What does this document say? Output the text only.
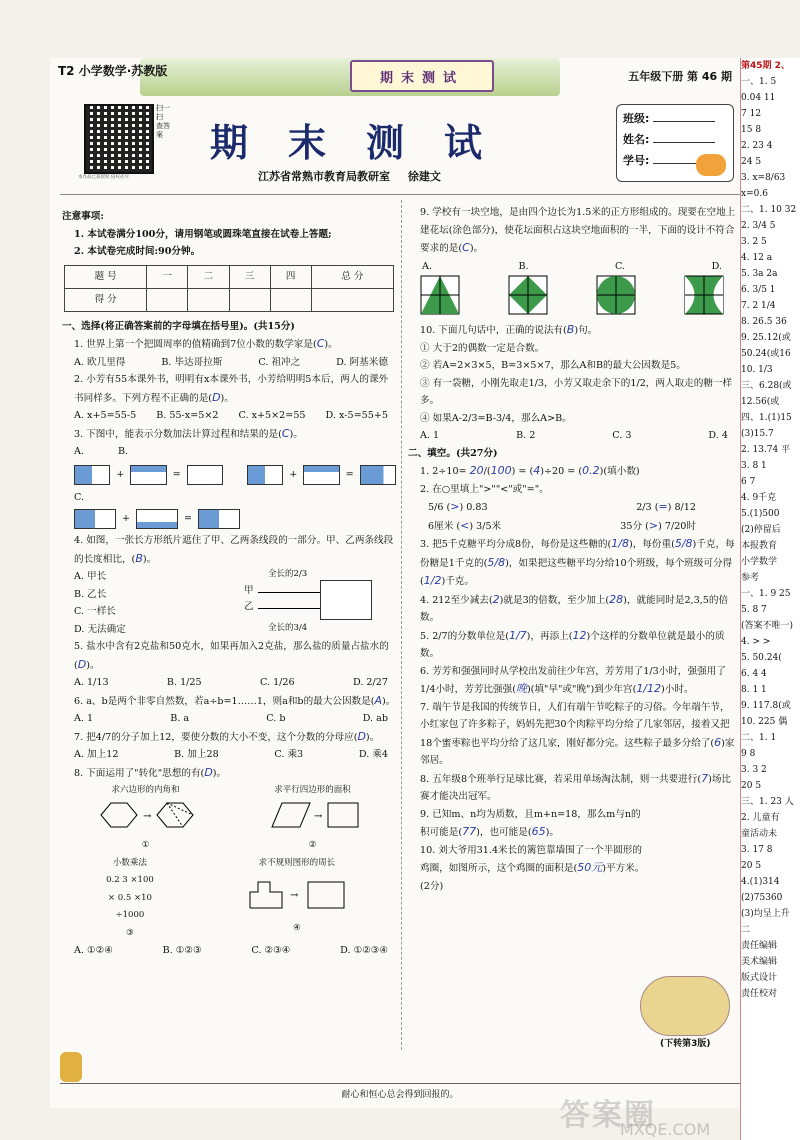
期末测试
T2 小学数学·苏教版	五年级下册 第 46 期
扫一扫 查答案
本作品已获授权 侵权必究
期末测试
江苏省常熟市教育局教研室 徐建文
班级:
姓名:
学号:

注意事项:

1. 本试卷满分100分，请用钢笔或圆珠笔直接在试卷上答题;

2. 本试卷完成时间:90分钟。

题 号	一	二	三	四	总 分
得 分					

一、选择(将正确答案前的字母填在括号里)。(共15分)

1. 世界上第一个把圆周率的值精确到7位小数的数学家是(C)。

A. 欧几里得	B. 毕达哥拉斯	C. 祖冲之	D. 阿基米德

2. 小芳有55本课外书，明明有x本课外书，小芳给明明5本后，两人的课外书同样多。下列方程不正确的是(D)。

A. x+5=55-5 B. 55-x=5×2 C. x+5×2=55 D. x-5=55+5

3. 下图中，能表示分数加法计算过程和结果的是(C)。

A.	B.
+	=	+	=
C.
+	=

4. 如图，一张长方形纸片遮住了甲、乙两条线段的一部分。甲、乙两条线段的长度相比，(B)。

A. 甲长
B. 乙长
C. 一样长
D. 无法确定
全长的2/3
甲
乙
全长的3/4

5. 盐水中含有2克盐和50克水，如果再加入2克盐，那么盐的质量占盐水的(D)。

A. 1/13	B. 1/25	C. 1/26	D. 2/27

6. a、b是两个非零自然数，若a÷b=1……1，则a和b的最大公因数是(A)。

A. 1	B. a	C. b	D. ab

7. 把4/7的分子加上12，要使分数的大小不变，这个分数的分母应(D)。

A. 加上12	B. 加上28	C. 乘3	D. 乘4

8. 下面运用了"转化"思想的有(D)。

求六边形的内角和
→
①
求平行四边形的面积
→
②
小数乘法
0.2 3 ×100
× 0.5 ×10
÷1000
③
求不规则图形的周长
→
④
A. ①②④	B. ①②③	C. ②③④	D. ①②③④

9. 学校有一块空地，是由四个边长为1.5米的正方形组成的。现要在空地上建花坛(涂色部分)，使花坛面积占这块空地面积的一半，下面的设计不符合要求的是(C)。

A.	B.	C.	D.

10. 下面几句话中，正确的说法有(B)句。

① 大于2的偶数一定是合数。

② 若A=2×3×5，B=3×5×7，那么A和B的最大公因数是5。

③ 有一袋糖，小刚先取走1/3，小芳又取走余下的1/2，两人取走的糖一样多。

④ 如果A-2/3=B-3/4，那么A>B。

A. 1	B. 2	C. 3	D. 4

二、填空。(共27分)

1. 2÷10= 20/(100) = (4)÷20 = (0.2)(填小数)

2. 在○里填上">""<"或"="。

5/6 (>) 0.83	2/3 (=) 8/12
6厘米 (<) 3/5米	35分 (>) 7/20时

3. 把5千克糖平均分成8份，每份是这些糖的(1/8)，每份重(5/8)千克，每份糖是1千克的(5/8)，如果把这些糖平均分给10个班级，每个班级可分得(1/2)千克。

4. 212至少减去(2)就是3的倍数，至少加上(28)，就能同时是2,3,5的倍数。

5. 2/7的分数单位是(1/7)，再添上(12)个这样的分数单位就是最小的质数。

6. 芳芳和强强同时从学校出发前往少年宫，芳芳用了1/3小时，强强用了1/4小时，芳芳比强强(晚)(填"早"或"晚")到少年宫(1/12)小时。

7. 端午节是我国的传统节日，人们有端午节吃粽子的习俗。今年端午节，小红家包了许多粽子，妈妈先把30个肉粽平均分给了几家邻居，接着又把18个蜜枣粽也平均分给了这几家，刚好都分完。这些粽子最多分给了(6)家邻居。

8. 五年级8个班举行足球比赛，若采用单场淘汰制，则一共要进行(7)场比赛才能决出冠军。

9. 已知m、n均为质数，且m+n=18，那么m与n的积可能是(77)，也可能是(65)。

10. 刘大爷用31.4米长的篱笆靠墙围了一个半圆形的鸡圈，如图所示，这个鸡圈的面积是(50元)平方米。(2分)

(下转第3版)
耐心和恒心总会得到回报的。
第45期 2、
一、1. 5
0.04 11
7 12
15 8
2. 23 4
24 5
3. x=8/63
x=0.6
二、1. 10 32
2. 3/4 5
3. 2 5
4. 12 a
5. 3a 2a
6. 3/5 1
7. 2 1/4
8. 26.5 36
9. 25.12(或
50.24(或16
10. 1/3
三、6.28(或
12.56(或
四、1.(1)15
(3)15.7
2. 13.74 平
3. 8 1
6 7
4. 9千克
5.(1)500
(2)停留后
本报教育
小学数学
参考
一、1. 9 25
5. 8 7
(答案不唯一)
4. > >
5. 50.24(
6. 4 4
8. 1 1
9. 117.8(或
10. 225 偶
二、1. 1
9 8
3. 3 2
20 5
三、1. 23 人
2. 儿童有
童活动未
3. 17 8
20 5
4.(1)314
(2)75360
(3)均呈上升
二
责任编辑
美术编辑
版式设计
责任校对
答案圈
MXQE.COM
